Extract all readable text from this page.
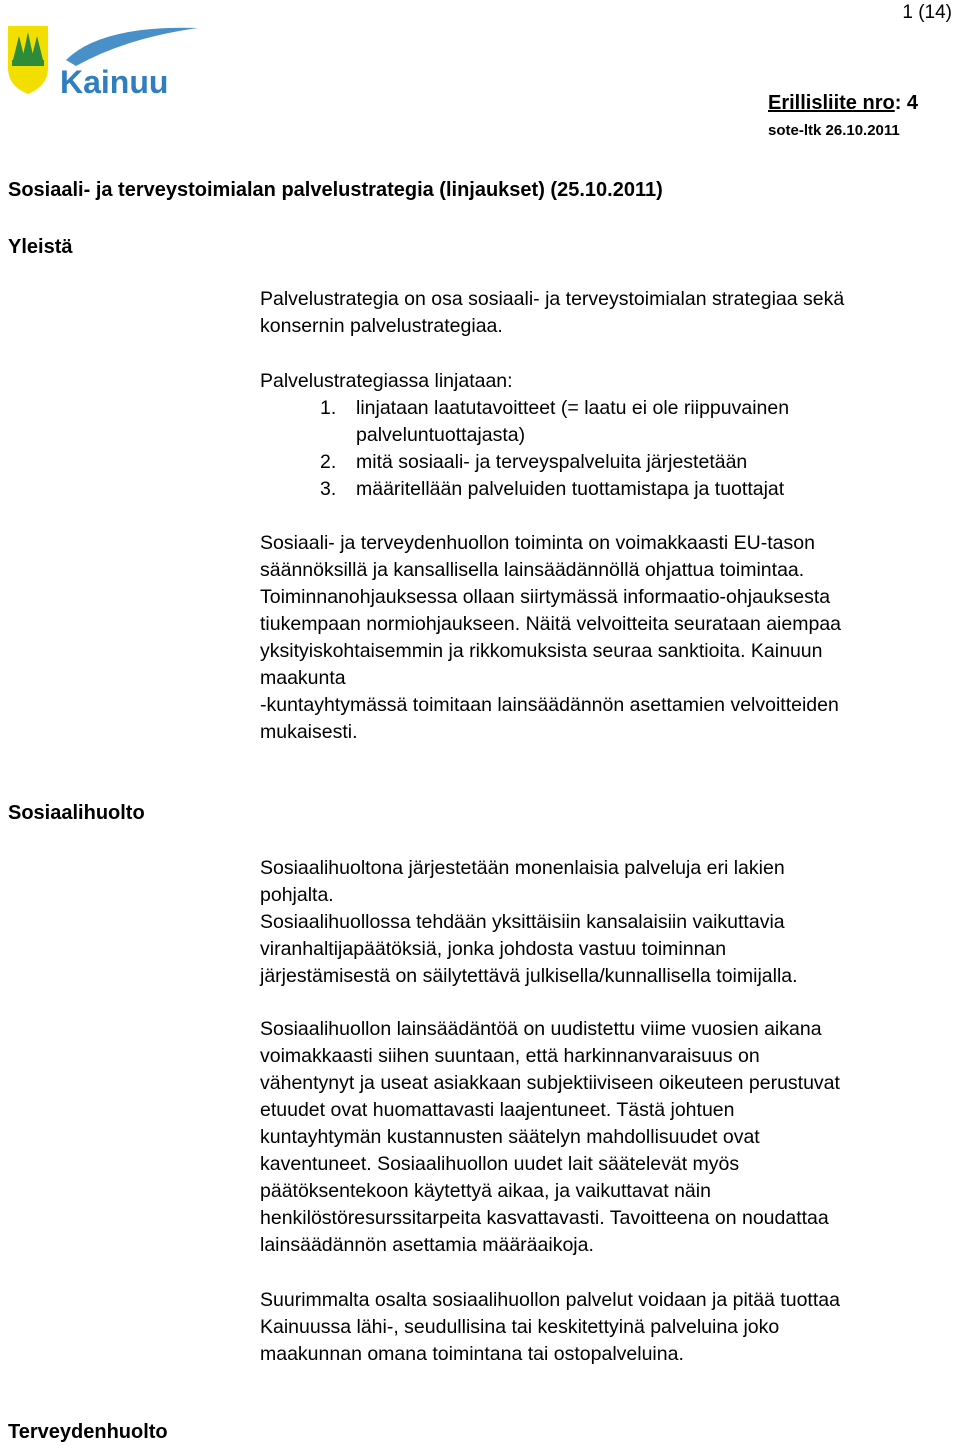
1 (14)
Kainuu
Erillisliite nro: 4
sote-ltk 26.10.2011
Sosiaali- ja terveystoimialan palvelustrategia (linjaukset) (25.10.2011)
Yleistä
Palvelustrategia on osa sosiaali- ja terveystoimialan strategiaa sekä
konsernin palvelustrategiaa.
Palvelustrategiassa linjataan:
1.	linjataan laatutavoitteet (= laatu ei ole riippuvainen
palveluntuottajasta)
2.	mitä sosiaali- ja terveyspalveluita järjestetään
3.	määritellään palveluiden tuottamistapa ja tuottajat
Sosiaali- ja terveydenhuollon toiminta on voimakkaasti EU-tason
säännöksillä ja kansallisella lainsäädännöllä ohjattua toimintaa.
Toiminnanohjauksessa ollaan siirtymässä informaatio-ohjauksesta
tiukempaan normiohjaukseen. Näitä velvoitteita seurataan aiempaa
yksityiskohtaisemmin ja rikkomuksista seuraa sanktioita. Kainuun
maakunta
-kuntayhtymässä toimitaan lainsäädännön asettamien velvoitteiden
mukaisesti.
Sosiaalihuolto
Sosiaalihuoltona järjestetään monenlaisia palveluja eri lakien
pohjalta.
Sosiaalihuollossa tehdään yksittäisiin kansalaisiin vaikuttavia
viranhaltijapäätöksiä, jonka johdosta vastuu toiminnan
järjestämisestä on säilytettävä julkisella/kunnallisella toimijalla.
Sosiaalihuollon lainsäädäntöä on uudistettu viime vuosien aikana
voimakkaasti siihen suuntaan, että harkinnanvaraisuus on
vähentynyt ja useat asiakkaan subjektiiviseen oikeuteen perustuvat
etuudet ovat huomattavasti laajentuneet. Tästä johtuen
kuntayhtymän kustannusten säätelyn mahdollisuudet ovat
kaventuneet. Sosiaalihuollon uudet lait säätelevät myös
päätöksentekoon käytettyä aikaa, ja vaikuttavat näin
henkilöstöresurssitarpeita kasvattavasti. Tavoitteena on noudattaa
lainsäädännön asettamia määräaikoja.
Suurimmalta osalta sosiaalihuollon palvelut voidaan ja pitää tuottaa
Kainuussa lähi-, seudullisina tai keskitettyinä palveluina joko
maakunnan omana toimintana tai ostopalveluina.
Terveydenhuolto
